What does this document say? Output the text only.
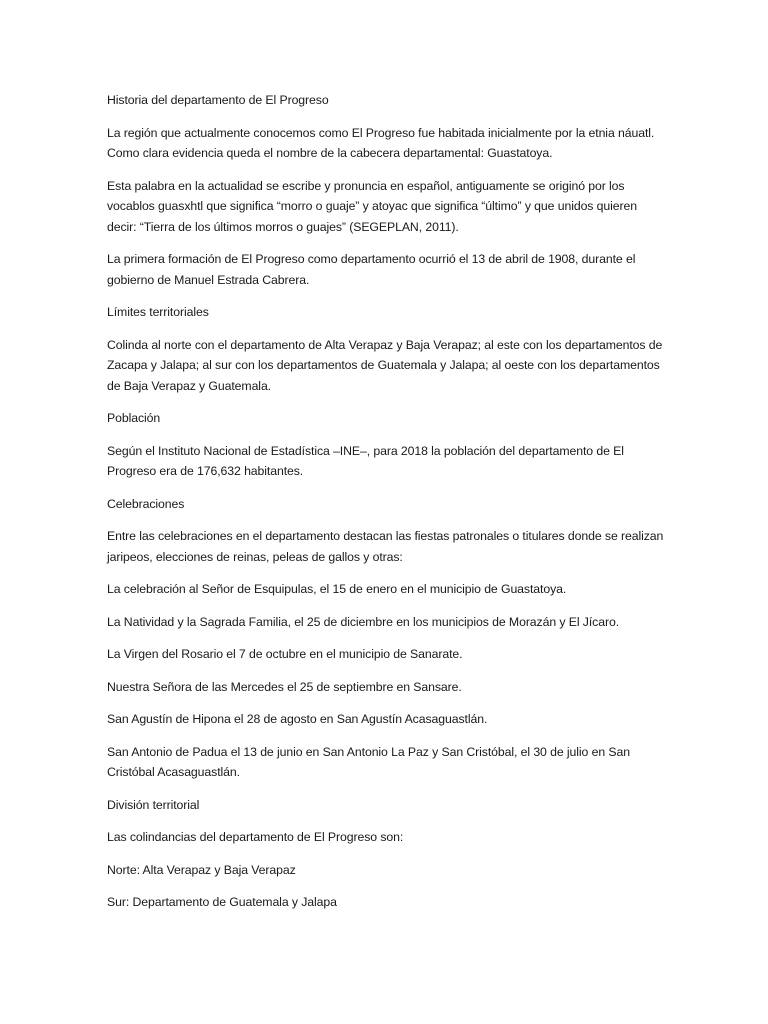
Historia del departamento de El Progreso

La región que actualmente conocemos como El Progreso fue habitada inicialmente por la etnia náuatl. Como clara evidencia queda el nombre de la cabecera departamental: Guastatoya.

Esta palabra en la actualidad se escribe y pronuncia en español, antiguamente se originó por los vocablos guasxhtl que significa “morro o guaje” y atoyac que significa “último” y que unidos quieren decir: “Tierra de los últimos morros o guajes” (SEGEPLAN, 2011).

La primera formación de El Progreso como departamento ocurrió el 13 de abril de 1908, durante el gobierno de Manuel Estrada Cabrera.

Límites territoriales

Colinda al norte con el departamento de Alta Verapaz y Baja Verapaz; al este con los departamentos de Zacapa y Jalapa; al sur con los departamentos de Guatemala y Jalapa; al oeste con los departamentos de Baja Verapaz y Guatemala.

Población

Según el Instituto Nacional de Estadística –INE–, para 2018 la población del departamento de El Progreso era de 176,632 habitantes.

Celebraciones

Entre las celebraciones en el departamento destacan las fiestas patronales o titulares donde se realizan jaripeos, elecciones de reinas, peleas de gallos y otras:

La celebración al Señor de Esquipulas, el 15 de enero en el municipio de Guastatoya.

La Natividad y la Sagrada Familia, el 25 de diciembre en los municipios de Morazán y El Jícaro.

La Virgen del Rosario el 7 de octubre en el municipio de Sanarate.

Nuestra Señora de las Mercedes el 25 de septiembre en Sansare.

San Agustín de Hipona el 28 de agosto en San Agustín Acasaguastlán.

San Antonio de Padua el 13 de junio en San Antonio La Paz y San Cristóbal, el 30 de julio en San Cristóbal Acasaguastlán.

División territorial

Las colindancias del departamento de El Progreso son:

Norte: Alta Verapaz y Baja Verapaz

Sur: Departamento de Guatemala y Jalapa
